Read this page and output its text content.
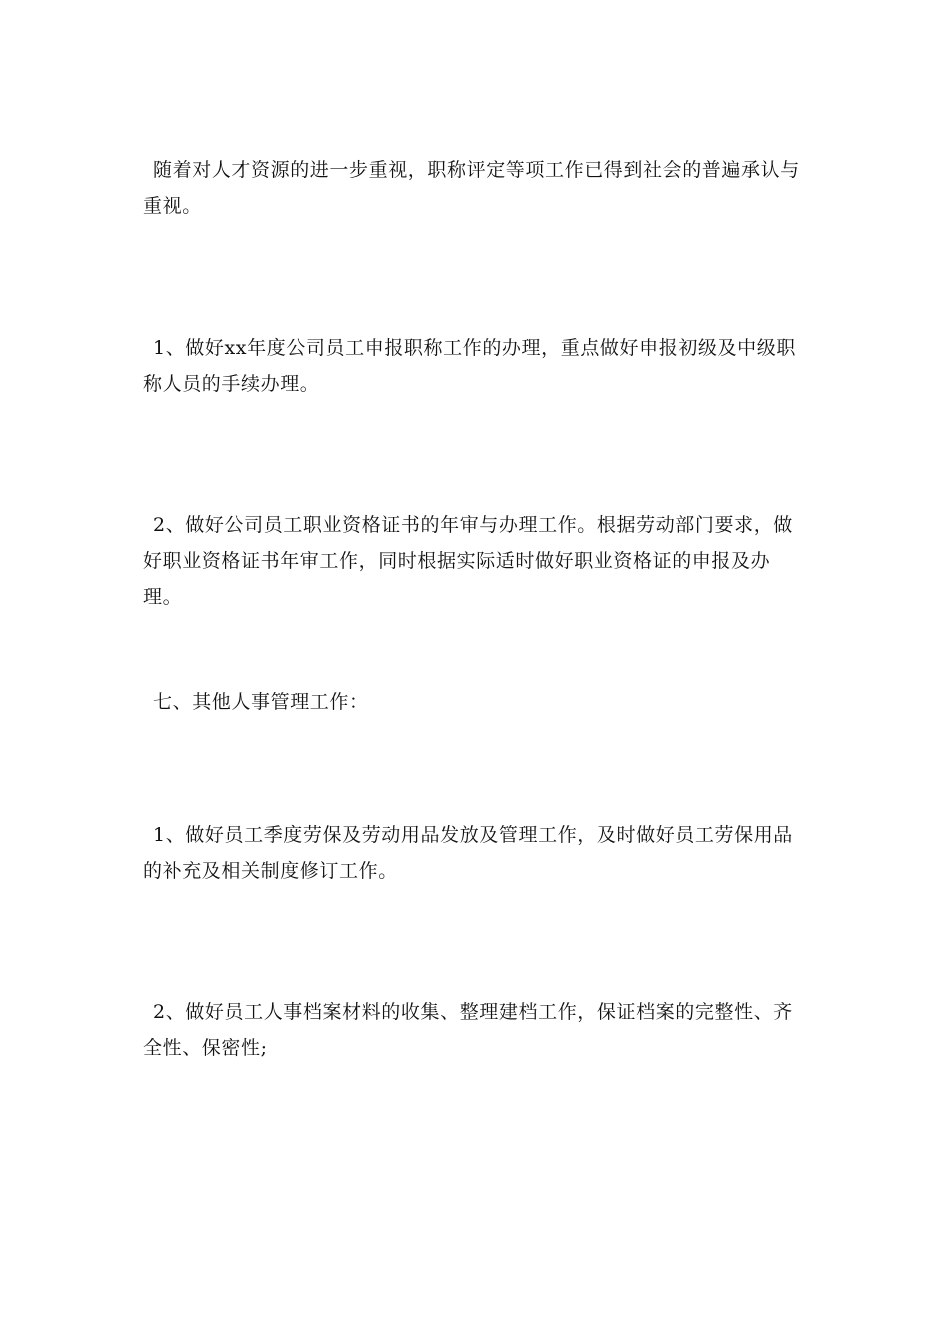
随着对人才资源的进一步重视，职称评定等项工作已得到社会的普遍承认与重视。

1、做好xx年度公司员工申报职称工作的办理，重点做好申报初级及中级职称人员的手续办理。

2、做好公司员工职业资格证书的年审与办理工作。根据劳动部门要求，做好职业资格证书年审工作，同时根据实际适时做好职业资格证的申报及办理。

七、其他人事管理工作：

1、做好员工季度劳保及劳动用品发放及管理工作，及时做好员工劳保用品的补充及相关制度修订工作。

2、做好员工人事档案材料的收集、整理建档工作，保证档案的完整性、齐全性、保密性;
